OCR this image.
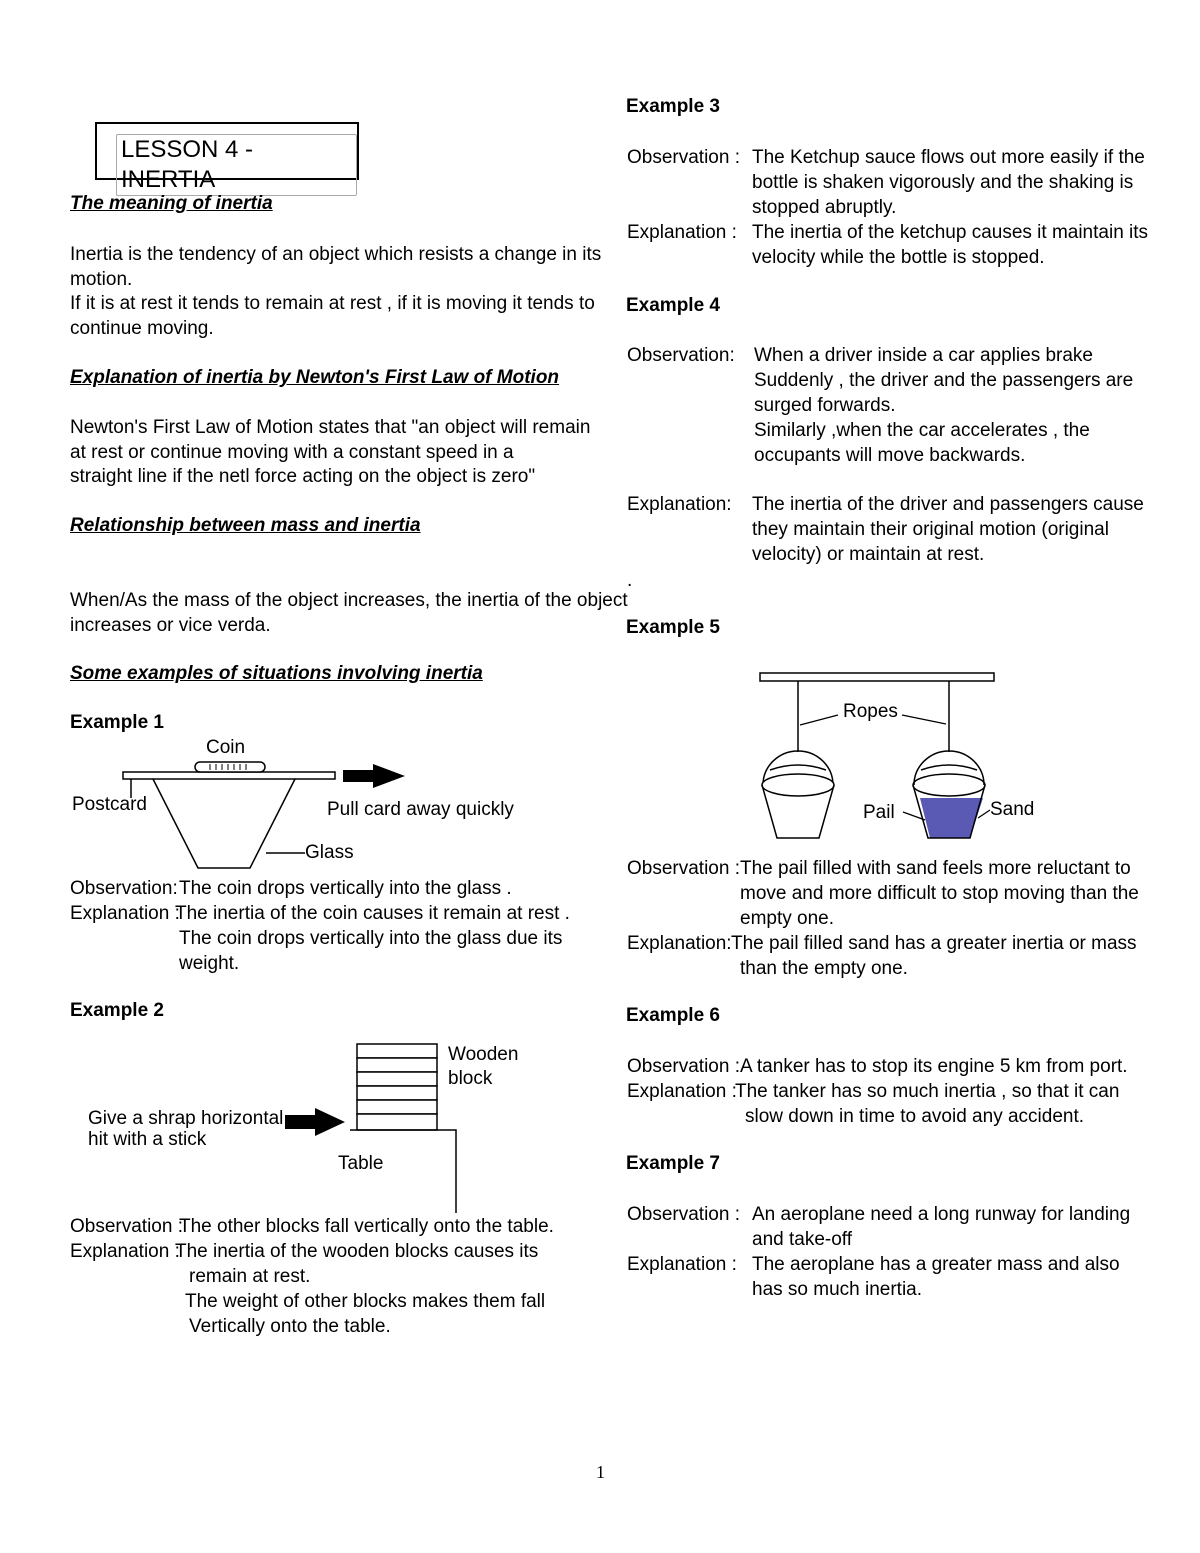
LESSON 4 - INERTIA

The meaning of inertia

Inertia is the tendency of an object which resists a change in its

motion.

If it is at rest it tends to remain at rest , if it is moving it tends to

continue moving.

Explanation of inertia by Newton's First Law of Motion

Newton's First Law of Motion states that "an object will remain

at rest or continue moving with a constant speed in a

straight line if the netl force acting on the object is zero"

Relationship between mass and inertia

When/As the mass of the object increases, the inertia of the object

increases or vice verda.

Some examples of situations involving inertia

Example 1

Coin
Postcard	Pull card away quickly
Glass

Observation: The coin drops vertically into the glass .

Explanation :

The inertia of the coin causes it remain at rest .

The coin drops vertically into the glass due its

weight.

Example 2

Wooden
block
Give a shrap horizontal
hit with a stick
Table

Observation :

The other blocks fall vertically onto the table.

Explanation :

The inertia of the wooden blocks causes its

remain at rest.

The weight of other blocks makes them fall

Vertically onto the table.

Example 3

Observation : The Ketchup sauce flows out more easily if the

bottle is shaken vigorously and the shaking is

stopped abruptly.

Explanation : The inertia of the ketchup causes it maintain its

velocity while the bottle is stopped.

Example 4

Observation: When a driver inside a car applies brake

Suddenly , the driver and the passengers are

surged forwards.

Similarly ,when the car accelerates , the

occupants will move backwards.

Explanation: The inertia of the driver and passengers cause

they maintain their original motion (original

velocity) or maintain at rest.

.

Example 5

Ropes
Pail	Sand

Observation : The pail filled with sand feels more reluctant to

move and more difficult to stop moving than the

empty one.

Explanation: The pail filled sand has a greater inertia or mass

than the empty one.

Example 6

Observation : A tanker has to stop its engine 5 km from port.

Explanation :

The tanker has so much inertia , so that it can

slow down in time to avoid any accident.

Example 7

Observation : An aeroplane need a long runway for landing

and take-off

Explanation : The aeroplane has a greater mass and also

has so much inertia.

1
